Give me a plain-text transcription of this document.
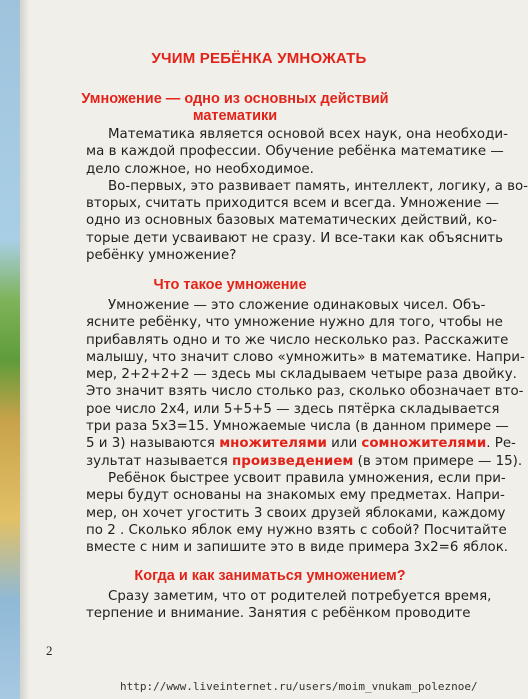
УЧИМ РЕБЁНКА УМНОЖАТЬ
Умножение — одно из основных действий
математики
Математика является основой всех наук, она необходи-
ма в каждой профессии. Обучение ребёнка математике —
дело сложное, но необходимое.
Во-первых, это развивает память, интеллект, логику, а во-
вторых, считать приходится всем и всегда. Умножение —
одно из основных базовых математических действий, ко-
торые дети усваивают не сразу. И все-таки как объяснить
ребёнку умножение?
Что такое умножение
Умножение — это сложение одинаковых чисел. Объ-
ясните ребёнку, что умножение нужно для того, чтобы не
прибавлять одно и то же число несколько раз. Расскажите
малышу, что значит слово «умножить» в математике. Напри-
мер, 2+2+2+2 — здесь мы складываем четыре раза двойку.
Это значит взять число столько раз, сколько обозначает вто-
рое число 2x4, или 5+5+5 — здесь пятёрка складывается
три раза 5x3=15. Умножаемые числа (в данном примере —
5 и 3) называются множителями или сомножителями. Ре-
зультат называется произведением (в этом примере — 15).
Ребёнок быстрее усвоит правила умножения, если при-
меры будут основаны на знакомых ему предметах. Напри-
мер, он хочет угостить 3 своих друзей яблоками, каждому
по 2 . Сколько яблок ему нужно взять с собой? Посчитайте
вместе с ним и запишите это в виде примера 3x2=6 яблок.
Когда и как заниматься умножением?
Сразу заметим, что от родителей потребуется время,
терпение и внимание. Занятия с ребёнком проводите
2
http://www.liveinternet.ru/users/moim_vnukam_poleznoe/
